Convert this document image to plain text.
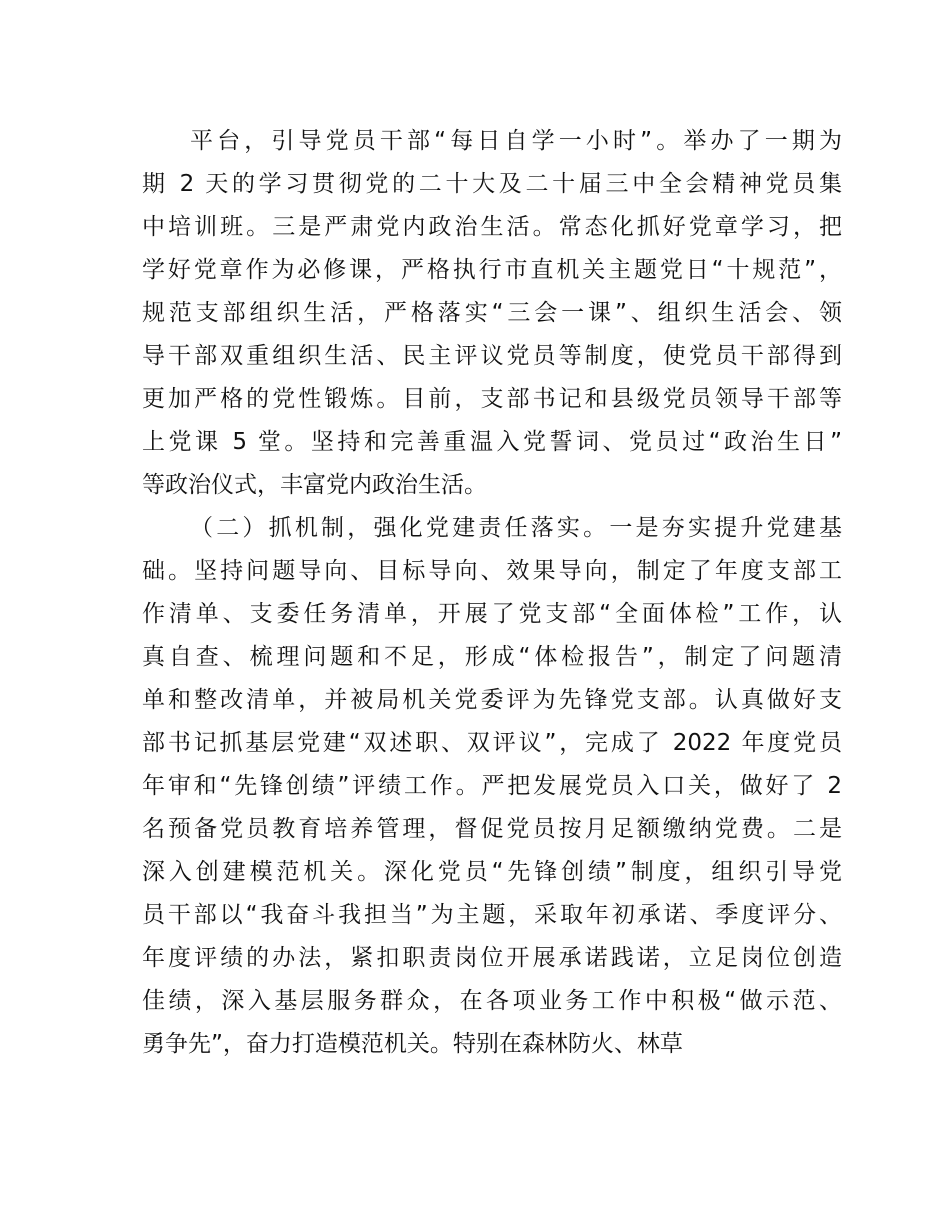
平台，引导党员干部“每日自学一小时”。举办了一期为
期 2 天的学习贯彻党的二十大及二十届三中全会精神党员集
中培训班。三是严肃党内政治生活。常态化抓好党章学习，把
学好党章作为必修课，严格执行市直机关主题党日“十规范”，
规范支部组织生活，严格落实“三会一课”、组织生活会、领
导干部双重组织生活、民主评议党员等制度，使党员干部得到
更加严格的党性锻炼。目前，支部书记和县级党员领导干部等
上党课 5 堂。坚持和完善重温入党誓词、党员过“政治生日”
等政治仪式，丰富党内政治生活。
（二）抓机制，强化党建责任落实。一是夯实提升党建基
础。坚持问题导向、目标导向、效果导向，制定了年度支部工
作清单、支委任务清单，开展了党支部“全面体检”工作，认
真自查、梳理问题和不足，形成“体检报告”，制定了问题清
单和整改清单，并被局机关党委评为先锋党支部。认真做好支
部书记抓基层党建“双述职、双评议”，完成了 2022 年度党员
年审和“先锋创绩”评绩工作。严把发展党员入口关，做好了 2
名预备党员教育培养管理，督促党员按月足额缴纳党费。二是
深入创建模范机关。深化党员“先锋创绩”制度，组织引导党
员干部以“我奋斗我担当”为主题，采取年初承诺、季度评分、
年度评绩的办法，紧扣职责岗位开展承诺践诺，立足岗位创造
佳绩，深入基层服务群众，在各项业务工作中积极“做示范、
勇争先”，奋力打造模范机关。特别在森林防火、林草
